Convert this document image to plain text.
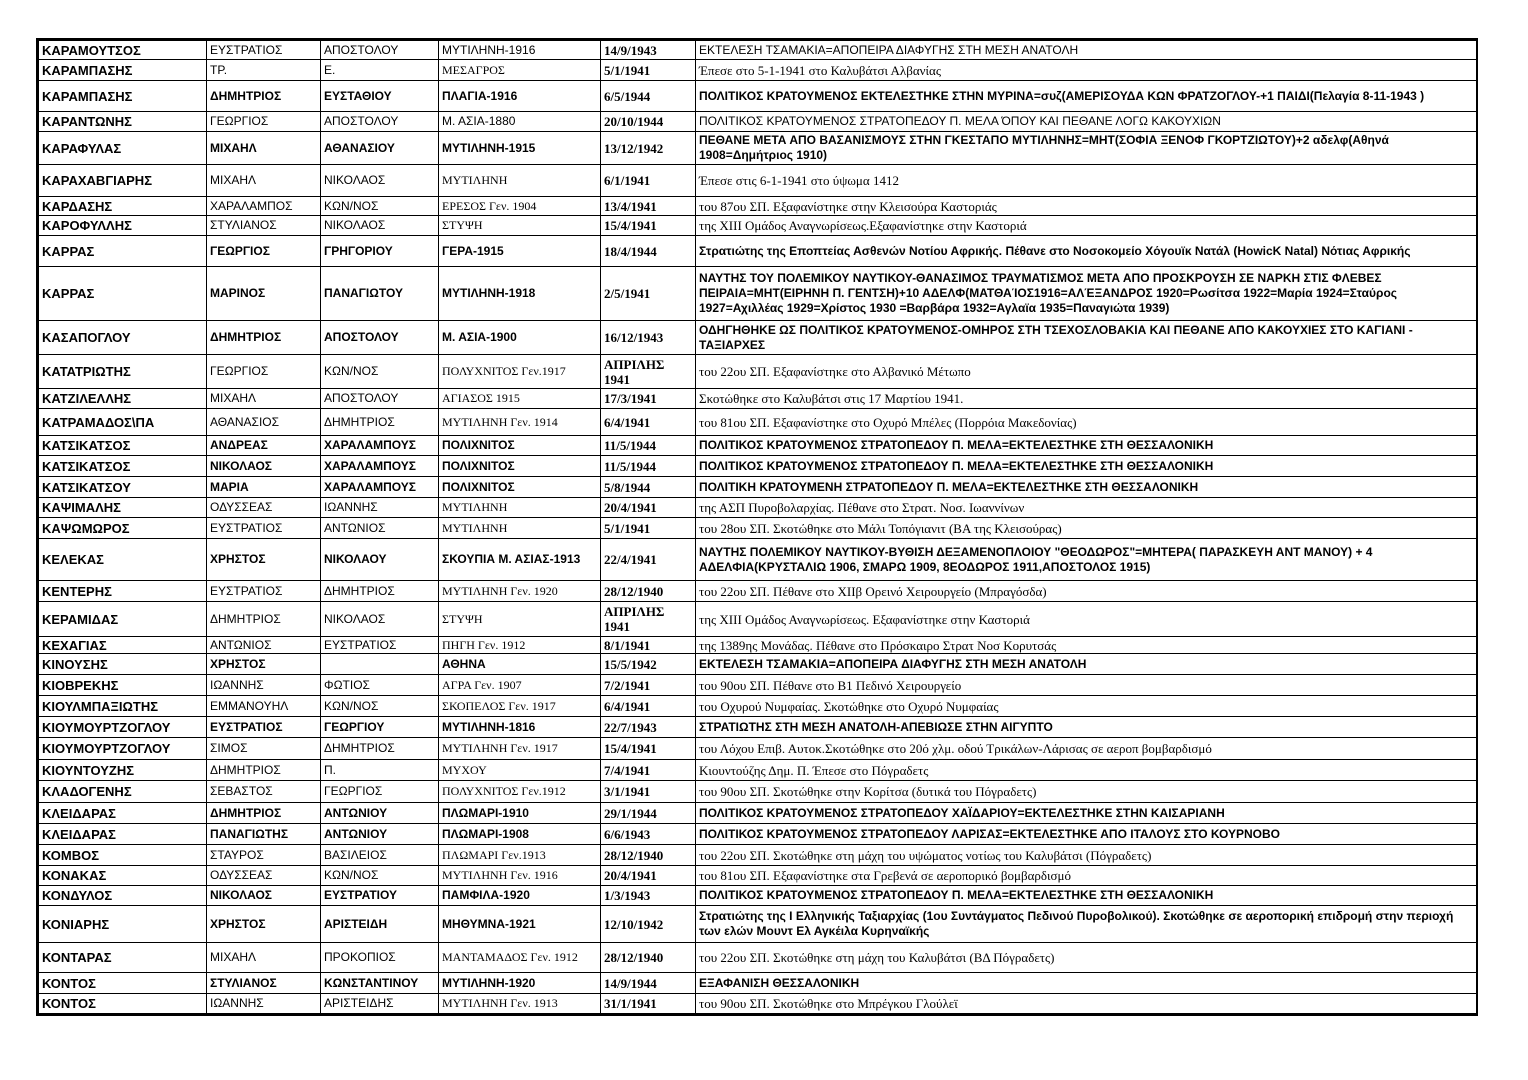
ΚΑΡΑΜΟΥΤΣΟΣ	ΕΥΣΤΡΑΤΙΟΣ	ΑΠΟΣΤΟΛΟΥ	ΜΥΤΙΛΗΝΗ-1916	14/9/1943	ΕΚΤΕΛΕΣΗ ΤΣΑΜΑΚΙΑ=ΑΠΟΠΕΙΡΑ ΔΙΑΦΥΓΗΣ ΣΤΗ ΜΕΣΗ ΑΝΑΤΟΛΗ
ΚΑΡΑΜΠΑΣΗΣ	ΤΡ.	Ε.	ΜΕΣΑΓΡΟΣ	5/1/1941	Έπεσε στο 5-1-1941 στο Καλυβάτσι Αλβανίας
ΚΑΡΑΜΠΑΣΗΣ	ΔΗΜΗΤΡΙΟΣ	ΕΥΣΤΑΘΙΟΥ	ΠΛΑΓΙΑ-1916	6/5/1944	ΠΟΛΙΤΙΚΟΣ ΚΡΑΤΟΥΜΕΝΟΣ ΕΚΤΕΛΕΣΤΗΚΕ ΣΤΗΝ ΜΥΡΙΝΑ=συζ(ΑΜΕΡΙΣΟΥΔΑ ΚΩΝ ΦΡΑΤΖΟΓΛΟΥ-+1 ΠΑΙΔΙ(Πελαγία 8-11-1943 )
ΚΑΡΑΝΤΩΝΗΣ	ΓΕΩΡΓΙΟΣ	ΑΠΟΣΤΟΛΟΥ	Μ. ΑΣΙΑ-1880	20/10/1944	ΠΟΛΙΤΙΚΟΣ ΚΡΑΤΟΥΜΕΝΟΣ ΣΤΡΑΤΟΠΕΔΟΥ Π. ΜΕΛΑ ΌΠΟΥ ΚΑΙ ΠΕΘΑΝΕ ΛΟΓΩ ΚΑΚΟΥΧΙΩΝ
ΚΑΡΑΦΥΛΑΣ	ΜΙΧΑΗΛ	ΑΘΑΝΑΣΙΟΥ	ΜΥΤΙΛΗΝΗ-1915	13/12/1942	ΠΕΘΑΝΕ ΜΕΤΑ ΑΠΟ ΒΑΣΑΝΙΣΜΟΥΣ ΣΤΗΝ ΓΚΕΣΤΑΠΟ ΜΥΤΙΛΗΝΗΣ=ΜΗΤ(ΣΟΦΙΑ ΞΕΝΟΦ ΓΚΟΡΤΖΙΩΤΟΥ)+2 αδελφ(Αθηνά 1908=Δημήτριος 1910)
ΚΑΡΑΧΑΒΓΙΑΡΗΣ	ΜΙΧΑΗΛ	ΝΙΚΟΛΑΟΣ	ΜΥΤΙΛΗΝΗ	6/1/1941	Έπεσε στις 6-1-1941 στο ύψωμα 1412
ΚΑΡΔΑΣΗΣ	ΧΑΡΑΛΑΜΠΟΣ	ΚΩΝ/ΝΟΣ	ΕΡΕΣΟΣ Γεν. 1904	13/4/1941	του 87ου ΣΠ. Εξαφανίστηκε στην Κλεισούρα Καστοριάς
ΚΑΡΟΦΥΛΛΗΣ	ΣΤΥΛΙΑΝΟΣ	ΝΙΚΟΛΑΟΣ	ΣΤΥΨΗ	15/4/1941	της ΧΙΙΙ Ομάδος Αναγνωρίσεως.Εξαφανίστηκε στην Καστοριά
ΚΑΡΡΑΣ	ΓΕΩΡΓΙΟΣ	ΓΡΗΓΟΡΙΟΥ	ΓΕΡΑ-1915	18/4/1944	Στρατιώτης της Εποπτείας Ασθενών Νοτίου Αφρικής. Πέθανε στο Νοσοκομείο Χόγουϊκ Νατάλ (HowicK Natal) Νότιας Αφρικής
ΚΑΡΡΑΣ	ΜΑΡΙΝΟΣ	ΠΑΝΑΓΙΩΤΟΥ	ΜΥΤΙΛΗΝΗ-1918	2/5/1941	ΝΑΥΤΗΣ ΤΟΥ ΠΟΛΕΜΙΚΟΥ ΝΑΥΤΙΚΟΥ-ΘΑΝΑΣΙΜΟΣ ΤΡΑΥΜΑΤΙΣΜΟΣ ΜΕΤΑ ΑΠΟ ΠΡΟΣΚΡΟΥΣΗ ΣΕ ΝΑΡΚΗ ΣΤΙΣ ΦΛΕΒΕΣ ΠΕΙΡΑΙΑ=ΜΗΤ(ΕΙΡΗΝΗ Π. ΓΕΝΤΣΗ)+10 ΑΔΕΛΦ(ΜΑΤΘΑΊΟΣ1916=ΑΛΈΞΑΝΔΡΟΣ 1920=Ρωσίτσα 1922=Μαρία 1924=Σταύρος 1927=Αχιλλέας 1929=Χρίστος 1930 =Βαρβάρα 1932=Αγλαϊα 1935=Παναγιώτα 1939)
ΚΑΣΑΠΟΓΛΟΥ	ΔΗΜΗΤΡΙΟΣ	ΑΠΟΣΤΟΛΟΥ	Μ. ΑΣΙΑ-1900	16/12/1943	ΟΔΗΓΗΘΗΚΕ ΩΣ ΠΟΛΙΤΙΚΟΣ ΚΡΑΤΟΥΜΕΝΟΣ-ΟΜΗΡΟΣ ΣΤΗ ΤΣΕΧΟΣΛΟΒΑΚΙΑ ΚΑΙ ΠΕΘΑΝΕ ΑΠΟ ΚΑΚΟΥΧΙΕΣ ΣΤΟ ΚΑΓΙΑΝΙ - ΤΑΞΙΑΡΧΕΣ
ΚΑΤΑΤΡΙΩΤΗΣ	ΓΕΩΡΓΙΟΣ	ΚΩΝ/ΝΟΣ	ΠΟΛΥΧΝΙΤΟΣ Γεν.1917	ΑΠΡΙΛΗΣ 1941	του 22ου ΣΠ. Εξαφανίστηκε στο Αλβανικό Μέτωπο
ΚΑΤΖΙΛΕΛΛΗΣ	ΜΙΧΑΗΛ	ΑΠΟΣΤΟΛΟΥ	ΑΓΙΑΣΟΣ 1915	17/3/1941	Σκοτώθηκε στο Καλυβάτσι στις 17 Μαρτίου 1941.
ΚΑΤΡΑΜΑΔΟΣ\ΠΑ	ΑΘΑΝΑΣΙΟΣ	ΔΗΜΗΤΡΙΟΣ	ΜΥΤΙΛΗΝΗ Γεν. 1914	6/4/1941	του 81ου ΣΠ. Εξαφανίστηκε στο Οχυρό Μπέλες (Πορρόια Μακεδονίας)
ΚΑΤΣΙΚΑΤΣΟΣ	ΑΝΔΡΕΑΣ	ΧΑΡΑΛΑΜΠΟΥΣ	ΠΟΛΙΧΝΙΤΟΣ	11/5/1944	ΠΟΛΙΤΙΚΟΣ ΚΡΑΤΟΥΜΕΝΟΣ ΣΤΡΑΤΟΠΕΔΟΥ Π. ΜΕΛΑ=ΕΚΤΕΛΕΣΤΗΚΕ ΣΤΗ ΘΕΣΣΑΛΟΝΙΚΗ
ΚΑΤΣΙΚΑΤΣΟΣ	ΝΙΚΟΛΑΟΣ	ΧΑΡΑΛΑΜΠΟΥΣ	ΠΟΛΙΧΝΙΤΟΣ	11/5/1944	ΠΟΛΙΤΙΚΟΣ ΚΡΑΤΟΥΜΕΝΟΣ ΣΤΡΑΤΟΠΕΔΟΥ Π. ΜΕΛΑ=ΕΚΤΕΛΕΣΤΗΚΕ ΣΤΗ ΘΕΣΣΑΛΟΝΙΚΗ
ΚΑΤΣΙΚΑΤΣΟΥ	ΜΑΡΙΑ	ΧΑΡΑΛΑΜΠΟΥΣ	ΠΟΛΙΧΝΙΤΟΣ	5/8/1944	ΠΟΛΙΤΙΚΗ ΚΡΑΤΟΥΜΕΝΗ ΣΤΡΑΤΟΠΕΔΟΥ Π. ΜΕΛΑ=ΕΚΤΕΛΕΣΤΗΚΕ ΣΤΗ ΘΕΣΣΑΛΟΝΙΚΗ
ΚΑΨΙΜΑΛΗΣ	ΟΔΥΣΣΕΑΣ	ΙΩΑΝΝΗΣ	ΜΥΤΙΛΗΝΗ	20/4/1941	της ΑΣΠ Πυροβολαρχίας. Πέθανε στο Στρατ. Νοσ. Ιωαννίνων
ΚΑΨΩΜΩΡΟΣ	ΕΥΣΤΡΑΤΙΟΣ	ΑΝΤΩΝΙΟΣ	ΜΥΤΙΛΗΝΗ	5/1/1941	του 28ου ΣΠ. Σκοτώθηκε στο Μάλι Τοπόγιανιτ (ΒΑ της Κλεισούρας)
ΚΕΛΕΚΑΣ	ΧΡΗΣΤΟΣ	ΝΙΚΟΛΑΟΥ	ΣΚΟΥΠΙΑ Μ. ΑΣΙΑΣ-1913	22/4/1941	ΝΑΥΤΗΣ ΠΟΛΕΜΙΚΟΥ ΝΑΥΤΙΚΟΥ-ΒΥΘΙΣΗ ΔΕΞΑΜΕΝΟΠΛΟΙΟΥ "ΘΕΟΔΩΡΟΣ"=ΜΗΤΕΡΑ( ΠΑΡΑΣΚΕΥΗ ΑΝΤ ΜΑΝΟΥ) + 4 ΑΔΕΛΦΙΑ(ΚΡΥΣΤΑΛΙΩ 1906, ΣΜΑΡΩ 1909, 8ΕΟΔΩΡΟΣ 1911,ΑΠΟΣΤΟΛΟΣ 1915)
ΚΕΝΤΕΡΗΣ	ΕΥΣΤΡΑΤΙΟΣ	ΔΗΜΗΤΡΙΟΣ	ΜΥΤΙΛΗΝΗ Γεν. 1920	28/12/1940	του 22ου ΣΠ. Πέθανε στο ΧΙΙβ Ορεινό Χειρουργείο (Μπραγόσδα)
ΚΕΡΑΜΙΔΑΣ	ΔΗΜΗΤΡΙΟΣ	ΝΙΚΟΛΑΟΣ	ΣΤΥΨΗ	ΑΠΡΙΛΗΣ 1941	της ΧΙΙΙ Ομάδος Αναγνωρίσεως. Εξαφανίστηκε στην Καστοριά
ΚΕΧΑΓΙΑΣ	ΑΝΤΩΝΙΟΣ	ΕΥΣΤΡΑΤΙΟΣ	ΠΗΓΗ Γεν. 1912	8/1/1941	της 1389ης Μονάδας. Πέθανε στο Πρόσκαιρο Στρατ Νοσ Κορυτσάς
ΚΙΝΟΥΣΗΣ	ΧΡΗΣΤΟΣ		ΑΘΗΝΑ	15/5/1942	ΕΚΤΕΛΕΣΗ ΤΣΑΜΑΚΙΑ=ΑΠΟΠΕΙΡΑ ΔΙΑΦΥΓΗΣ ΣΤΗ ΜΕΣΗ ΑΝΑΤΟΛΗ
ΚΙΟΒΡΕΚΗΣ	ΙΩΑΝΝΗΣ	ΦΩΤΙΟΣ	ΑΓΡΑ Γεν. 1907	7/2/1941	του 90ου ΣΠ. Πέθανε στο Β1 Πεδινό Χειρουργείο
ΚΙΟΥΛΜΠΑΞΙΩΤΗΣ	ΕΜΜΑΝΟΥΗΛ	ΚΩΝ/ΝΟΣ	ΣΚΟΠΕΛΟΣ Γεν. 1917	6/4/1941	του Οχυρού Νυμφαίας. Σκοτώθηκε στο Οχυρό Νυμφαίας
ΚΙΟΥΜΟΥΡΤΖΟΓΛΟΥ	ΕΥΣΤΡΑΤΙΟΣ	ΓΕΩΡΓΙΟΥ	ΜΥΤΙΛΗΝΗ-1816	22/7/1943	ΣΤΡΑΤΙΩΤΗΣ ΣΤΗ ΜΕΣΗ ΑΝΑΤΟΛΗ-ΑΠΕΒΙΩΣΕ ΣΤΗΝ ΑΙΓΥΠΤΟ
ΚΙΟΥΜΟΥΡΤΖΟΓΛΟΥ	ΣΙΜΟΣ	ΔΗΜΗΤΡΙΟΣ	ΜΥΤΙΛΗΝΗ Γεν. 1917	15/4/1941	του Λόχου Επιβ. Αυτοκ.Σκοτώθηκε στο 20ό χλμ. οδού Τρικάλων-Λάρισας σε αεροπ βομβαρδισμό
ΚΙΟΥΝΤΟΥΖΗΣ	ΔΗΜΗΤΡΙΟΣ	Π.	ΜΥΧΟΥ	7/4/1941	Κιουντούζης Δημ. Π. Έπεσε στο Πόγραδετς
ΚΛΑΔΟΓΕΝΗΣ	ΣΕΒΑΣΤΟΣ	ΓΕΩΡΓΙΟΣ	ΠΟΛΥΧΝΙΤΟΣ Γεν.1912	3/1/1941	του 90ου ΣΠ. Σκοτώθηκε στην Κορίτσα (δυτικά του Πόγραδετς)
ΚΛΕΙΔΑΡΑΣ	ΔΗΜΗΤΡΙΟΣ	ΑΝΤΩΝΙΟΥ	ΠΛΩΜΑΡΙ-1910	29/1/1944	ΠΟΛΙΤΙΚΟΣ ΚΡΑΤΟΥΜΕΝΟΣ ΣΤΡΑΤΟΠΕΔΟΥ ΧΑΪΔΑΡΙΟΥ=ΕΚΤΕΛΕΣΤΗΚΕ ΣΤΗΝ ΚΑΙΣΑΡΙΑΝΗ
ΚΛΕΙΔΑΡΑΣ	ΠΑΝΑΓΙΩΤΗΣ	ΑΝΤΩΝΙΟΥ	ΠΛΩΜΑΡΙ-1908	6/6/1943	ΠΟΛΙΤΙΚΟΣ ΚΡΑΤΟΥΜΕΝΟΣ ΣΤΡΑΤΟΠΕΔΟΥ ΛΑΡΙΣΑΣ=ΕΚΤΕΛΕΣΤΗΚΕ ΑΠΟ ΙΤΑΛΟΥΣ ΣΤΟ ΚΟΥΡΝΟΒΟ
ΚΟΜΒΟΣ	ΣΤΑΥΡΟΣ	ΒΑΣΙΛΕΙΟΣ	ΠΛΩΜΑΡΙ Γεν.1913	28/12/1940	του 22ου ΣΠ. Σκοτώθηκε στη μάχη του υψώματος νοτίως του Καλυβάτσι (Πόγραδετς)
ΚΟΝΑΚΑΣ	ΟΔΥΣΣΕΑΣ	ΚΩΝ/ΝΟΣ	ΜΥΤΙΛΗΝΗ Γεν. 1916	20/4/1941	του 81ου ΣΠ. Εξαφανίστηκε στα Γρεβενά σε αεροπορικό βομβαρδισμό
ΚΟΝΔΥΛΟΣ	ΝΙΚΟΛΑΟΣ	ΕΥΣΤΡΑΤΙΟΥ	ΠΑΜΦΙΛΑ-1920	1/3/1943	ΠΟΛΙΤΙΚΟΣ ΚΡΑΤΟΥΜΕΝΟΣ ΣΤΡΑΤΟΠΕΔΟΥ Π. ΜΕΛΑ=ΕΚΤΕΛΕΣΤΗΚΕ ΣΤΗ ΘΕΣΣΑΛΟΝΙΚΗ
ΚΟΝΙΑΡΗΣ	ΧΡΗΣΤΟΣ	ΑΡΙΣΤΕΙΔΗ	ΜΗΘΥΜΝΑ-1921	12/10/1942	Στρατιώτης της Ι Ελληνικής Ταξιαρχίας (1ου Συντάγματος Πεδινού Πυροβολικού). Σκοτώθηκε σε αεροπορική επιδρομή στην περιοχή των ελών Μουντ Ελ Αγκέιλα Κυρηναϊκής
ΚΟΝΤΑΡΑΣ	ΜΙΧΑΗΛ	ΠΡΟΚΟΠΙΟΣ	ΜΑΝΤΑΜΑΔΟΣ Γεν. 1912	28/12/1940	του 22ου ΣΠ. Σκοτώθηκε στη μάχη του Καλυβάτσι (ΒΔ Πόγραδετς)
ΚΟΝΤΟΣ	ΣΤΥΛΙΑΝΟΣ	ΚΩΝΣΤΑΝΤΙΝΟΥ	ΜΥΤΙΛΗΝΗ-1920	14/9/1944	ΕΞΑΦΑΝΙΣΗ ΘΕΣΣΑΛΟΝΙΚΗ
ΚΟΝΤΟΣ	ΙΩΑΝΝΗΣ	ΑΡΙΣΤΕΙΔΗΣ	ΜΥΤΙΛΗΝΗ Γεν. 1913	31/1/1941	του 90ου ΣΠ. Σκοτώθηκε στο Μπρέγκου Γλούλεϊ
